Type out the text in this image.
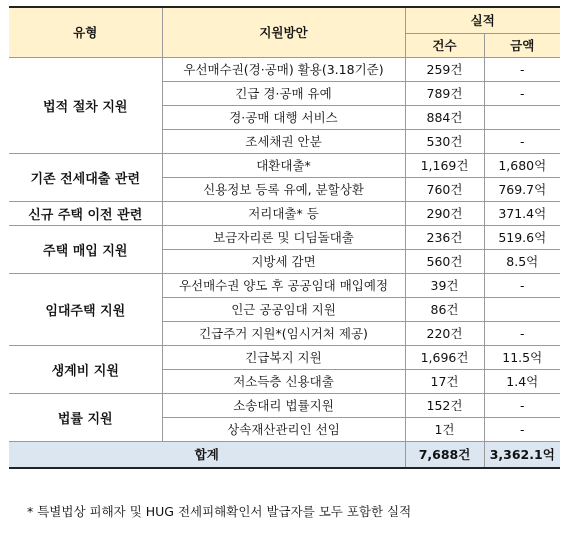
유형	지원방안	실적	
		건수	금액
법적 절차 지원	우선매수권(경·공매) 활용(3.18기준)	259건	-
	긴급 경·공매 유예	789건	-
	경·공매 대행 서비스	884건	
	조세채권 안분	530건	-
기존 전세대출 관련	대환대출*	1,169건	1,680억
	신용정보 등록 유예, 분할상환	760건	769.7억
신규 주택 이전 관련	저리대출* 등	290건	371.4억
주택 매입 지원	보금자리론 및 디딤돌대출	236건	519.6억
	지방세 감면	560건	8.5억
임대주택 지원	우선매수권 양도 후 공공임대 매입예정	39건	-
	인근 공공임대 지원	86건	
	긴급주거 지원*(임시거처 제공)	220건	-
생계비 지원	긴급복지 지원	1,696건	11.5억
	저소득층 신용대출	17건	1.4억
법률 지원	소송대리 법률지원	152건	-
	상속재산관리인 선임	1건	-
합계		7,688건	3,362.1억
* 특별법상 피해자 및 HUG 전세피해확인서 발급자를 모두 포함한 실적
